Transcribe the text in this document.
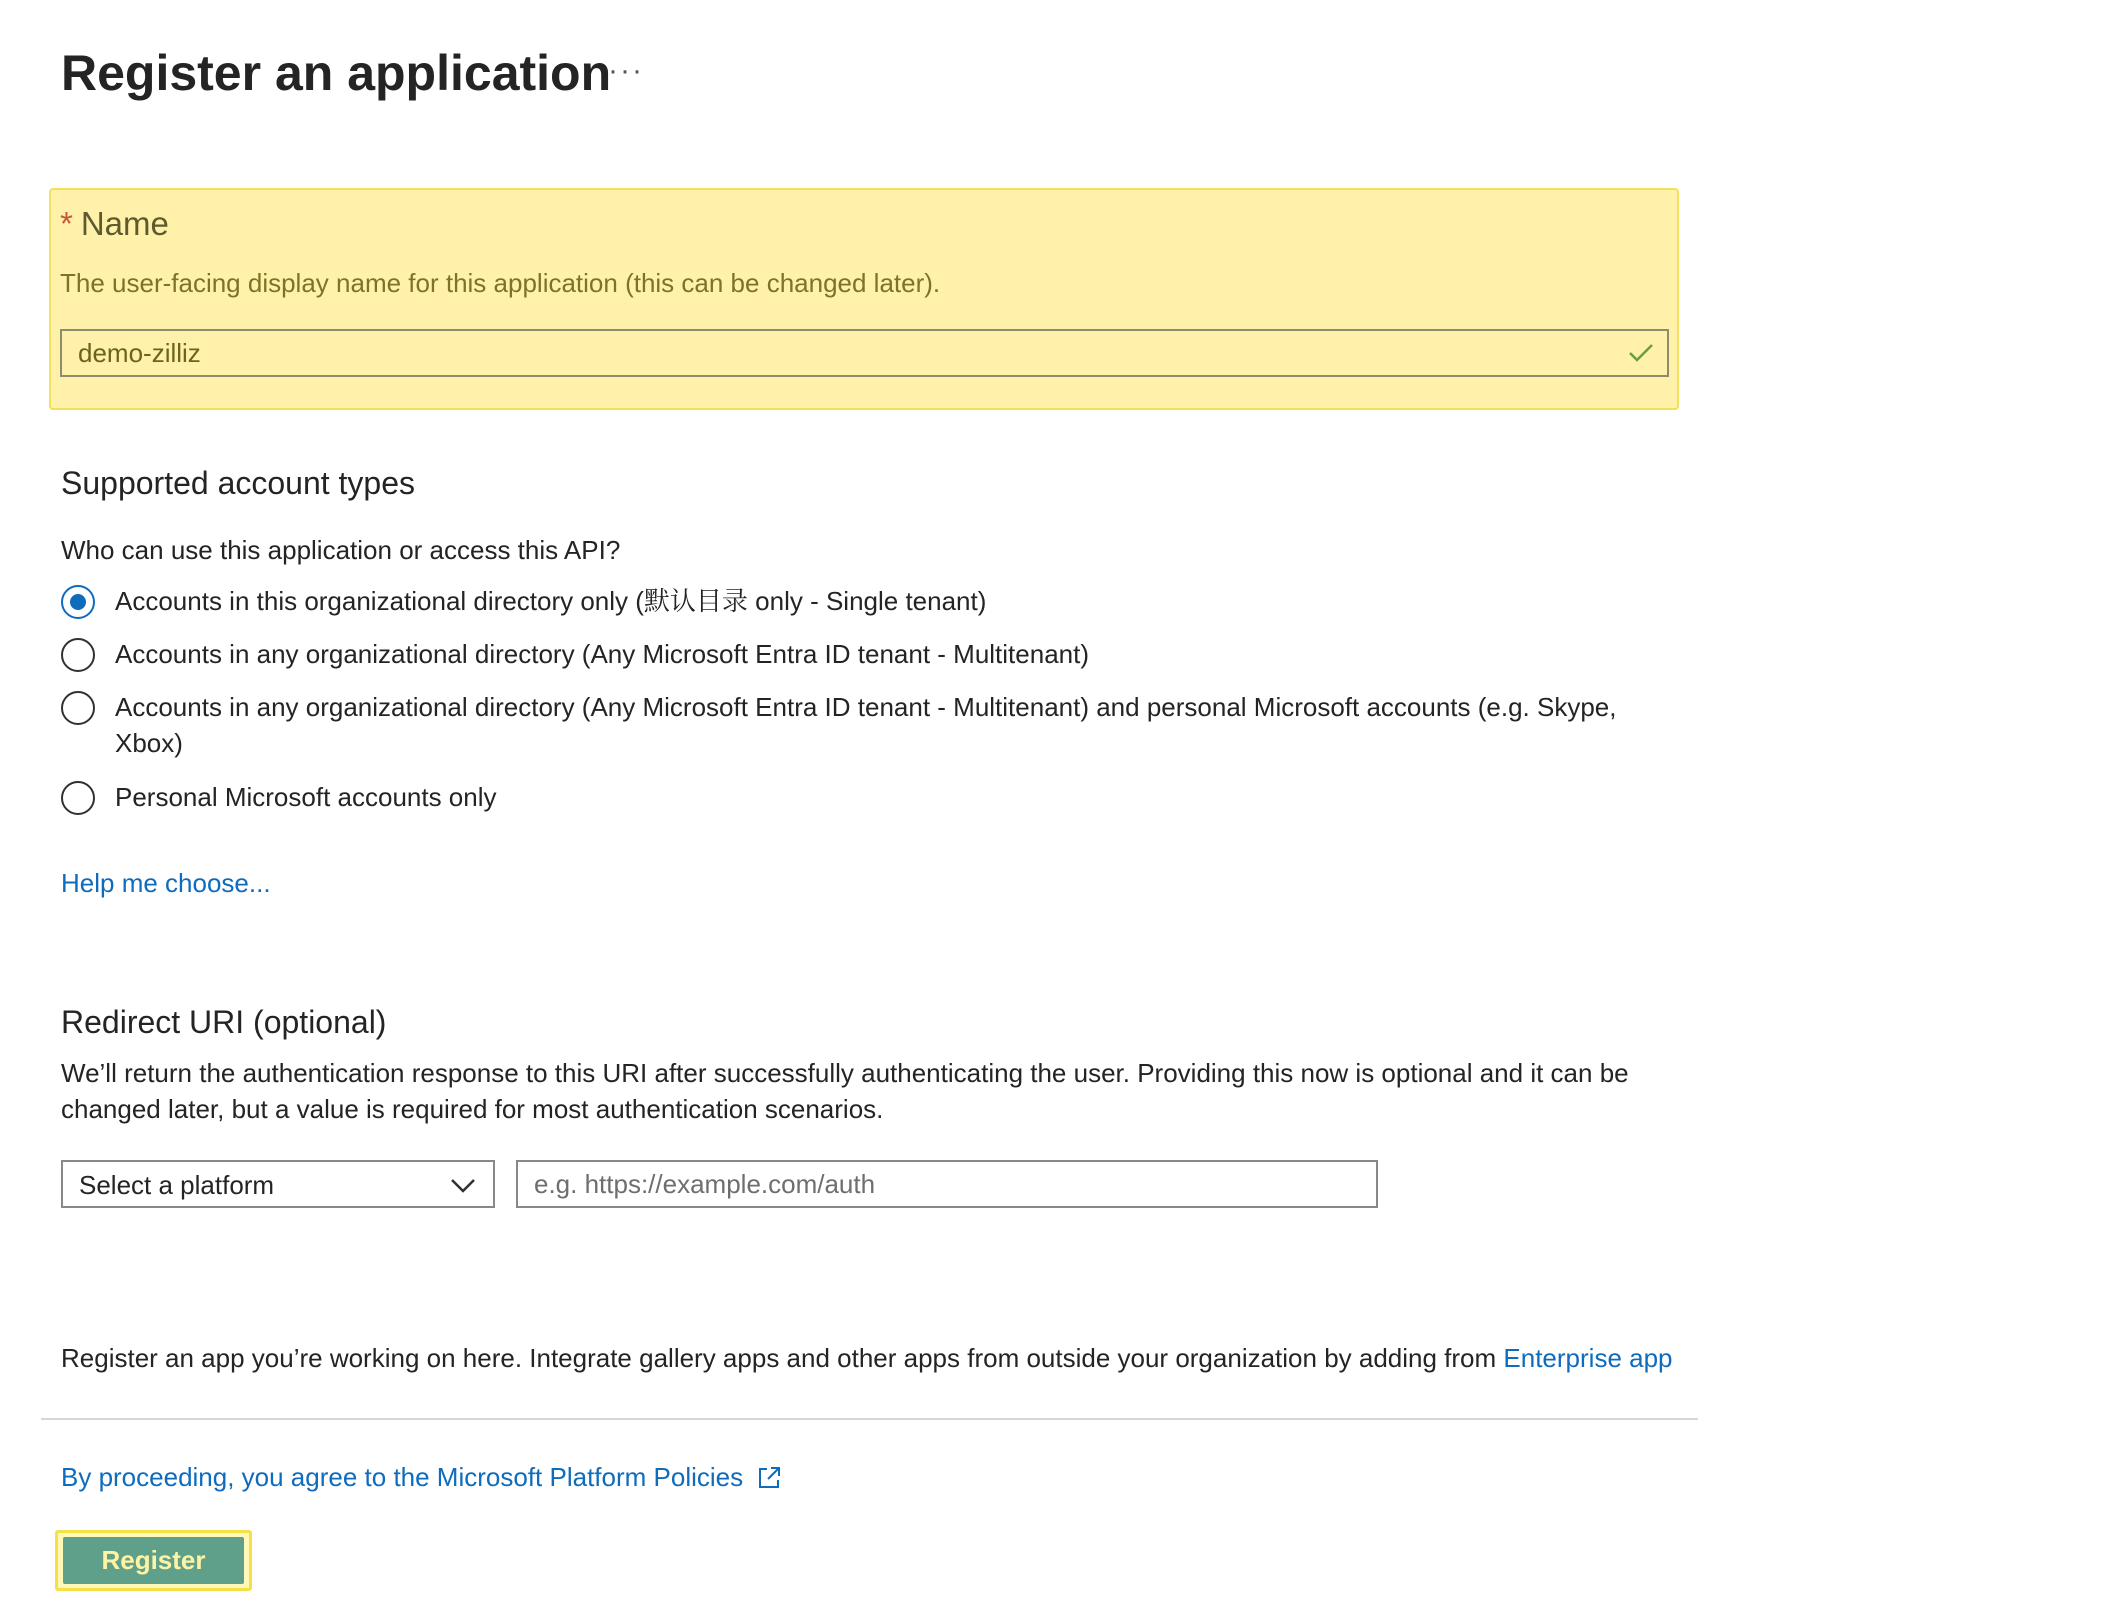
Register an application
···
* Name
The user-facing display name for this application (this can be changed later).
demo-zilliz
Supported account types
Who can use this application or access this API?
Accounts in this organizational directory only (默认目录 only - Single tenant)
Accounts in any organizational directory (Any Microsoft Entra ID tenant - Multitenant)
Accounts in any organizational directory (Any Microsoft Entra ID tenant - Multitenant) and personal Microsoft accounts (e.g. Skype, Xbox)
Personal Microsoft accounts only
Help me choose...
Redirect URI (optional)
We’ll return the authentication response to this URI after successfully authenticating the user. Providing this now is optional and it can be changed later, but a value is required for most authentication scenarios.
Select a platform
e.g. https://example.com/auth
Register an app you’re working on here. Integrate gallery apps and other apps from outside your organization by adding from Enterprise app
By proceeding, you agree to the Microsoft Platform Policies
Register
